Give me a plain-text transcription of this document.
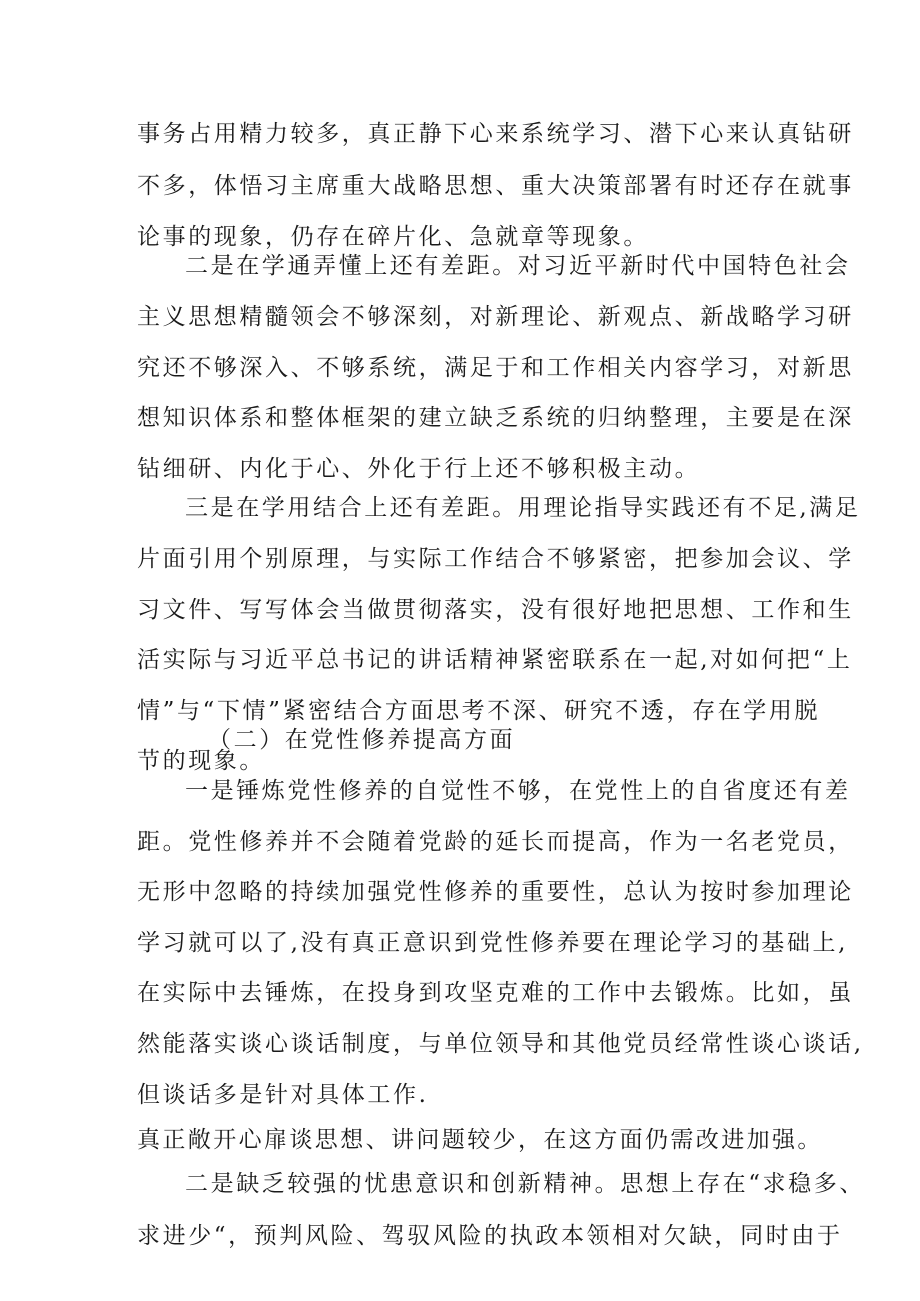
事务占用精力较多，真正静下心来系统学习、潜下心来认真钻研
不多，体悟习主席重大战略思想、重大决策部署有时还存在就事
论事的现象，仍存在碎片化、急就章等现象。
二是在学通弄懂上还有差距。对习近平新时代中国特色社会
主义思想精髓领会不够深刻，对新理论、新观点、新战略学习研
究还不够深入、不够系统，满足于和工作相关内容学习，对新思
想知识体系和整体框架的建立缺乏系统的归纳整理，主要是在深
钻细研、内化于心、外化于行上还不够积极主动。
三是在学用结合上还有差距。用理论指导实践还有不足,满足
片面引用个别原理，与实际工作结合不够紧密，把参加会议、学
习文件、写写体会当做贯彻落实，没有很好地把思想、工作和生
活实际与习近平总书记的讲话精神紧密联系在一起,对如何把“上
情”与“下情”紧密结合方面思考不深、研究不透，存在学用脱
节的现象。
（二）在党性修养提高方面
一是锤炼党性修养的自觉性不够，在党性上的自省度还有差
距。党性修养并不会随着党龄的延长而提高，作为一名老党员，
无形中忽略的持续加强党性修养的重要性，总认为按时参加理论
学习就可以了,没有真正意识到党性修养要在理论学习的基础上,
在实际中去锤炼，在投身到攻坚克难的工作中去锻炼。比如，虽
然能落实谈心谈话制度，与单位领导和其他党员经常性谈心谈话,
但谈话多是针对具体工作.
真正敞开心扉谈思想、讲问题较少，在这方面仍需改进加强。
二是缺乏较强的忧患意识和创新精神。思想上存在“求稳多、
求进少“，预判风险、驾驭风险的执政本领相对欠缺，同时由于
